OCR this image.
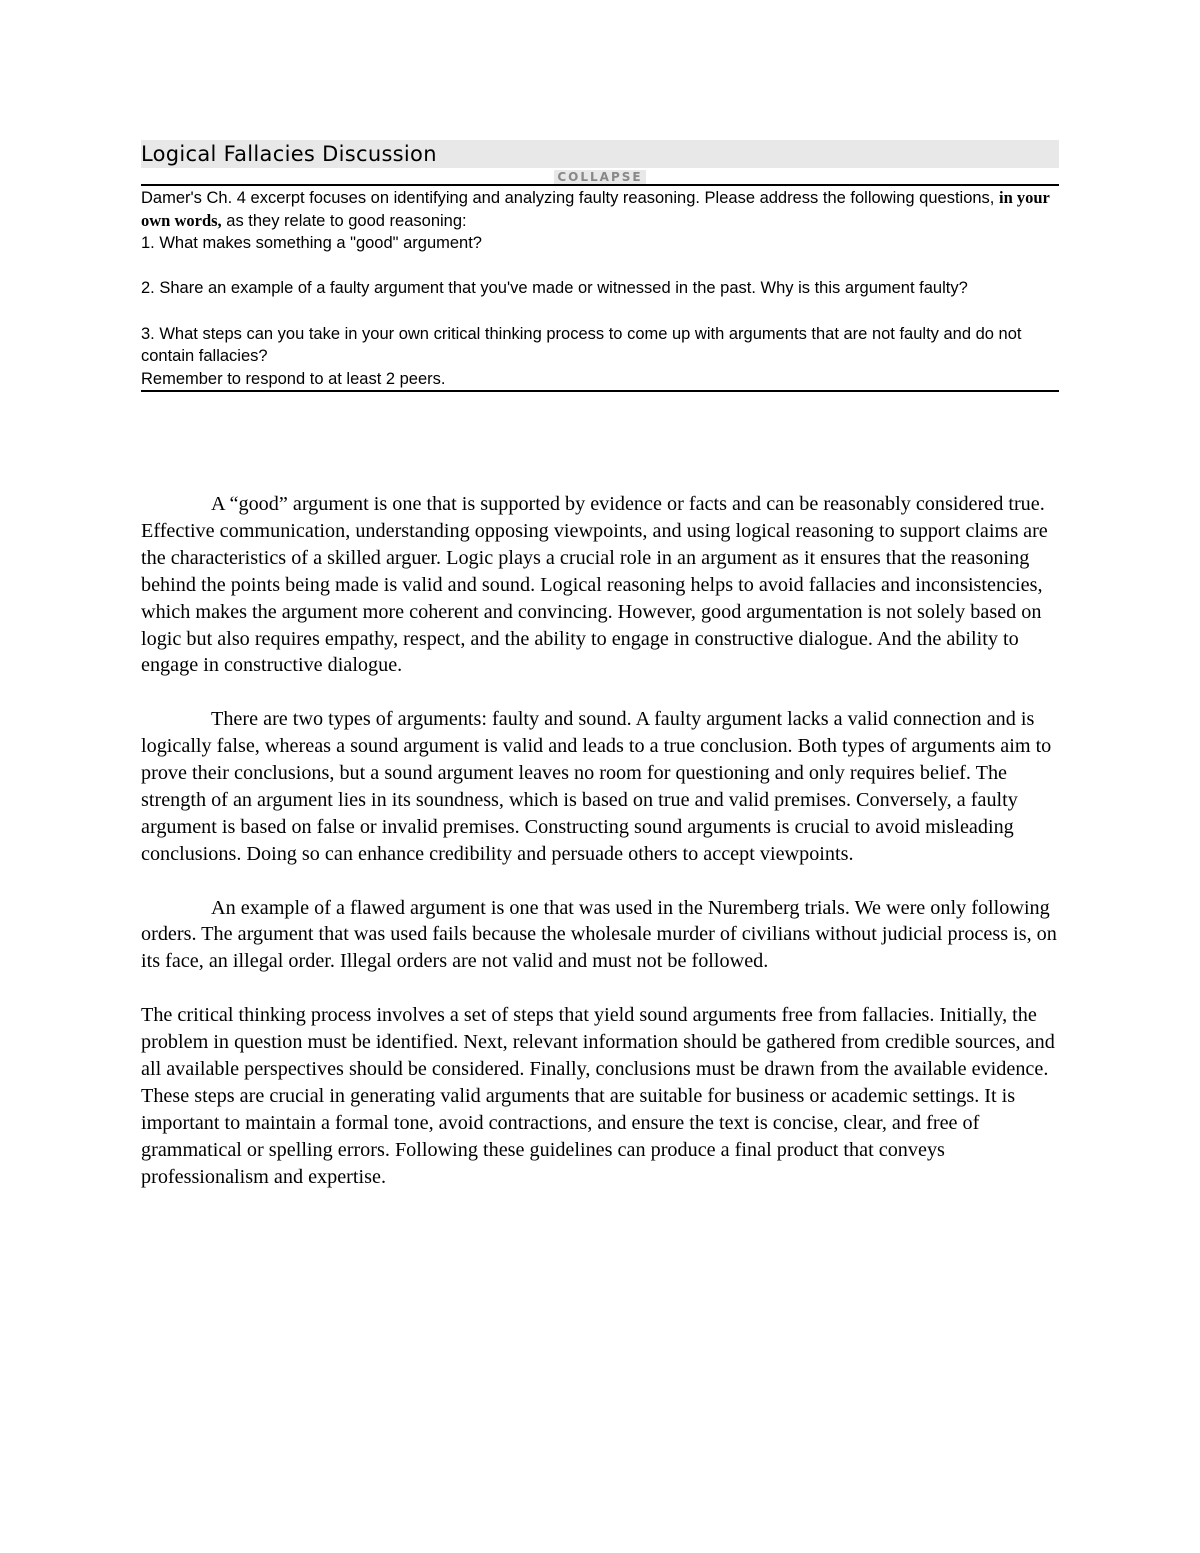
Logical Fallacies Discussion
COLLAPSE

Damer's Ch. 4 excerpt focuses on identifying and analyzing faulty reasoning. Please address the following questions, in your own words, as they relate to good reasoning:

1. What makes something a "good" argument?

2. Share an example of a faulty argument that you've made or witnessed in the past. Why is this argument faulty?

3. What steps can you take in your own critical thinking process to come up with arguments that are not faulty and do not contain fallacies?

Remember to respond to at least 2 peers.

A “good” argument is one that is supported by evidence or facts and can be reasonably considered true. Effective communication, understanding opposing viewpoints, and using logical reasoning to support claims are the characteristics of a skilled arguer. Logic plays a crucial role in an argument as it ensures that the reasoning behind the points being made is valid and sound. Logical reasoning helps to avoid fallacies and inconsistencies, which makes the argument more coherent and convincing. However, good argumentation is not solely based on logic but also requires empathy, respect, and the ability to engage in constructive dialogue. And the ability to engage in constructive dialogue.

There are two types of arguments: faulty and sound. A faulty argument lacks a valid connection and is logically false, whereas a sound argument is valid and leads to a true conclusion. Both types of arguments aim to prove their conclusions, but a sound argument leaves no room for questioning and only requires belief. The strength of an argument lies in its soundness, which is based on true and valid premises. Conversely, a faulty argument is based on false or invalid premises. Constructing sound arguments is crucial to avoid misleading conclusions. Doing so can enhance credibility and persuade others to accept viewpoints.

An example of a flawed argument is one that was used in the Nuremberg trials. We were only following orders. The argument that was used fails because the wholesale murder of civilians without judicial process is, on its face, an illegal order. Illegal orders are not valid and must not be followed.

The critical thinking process involves a set of steps that yield sound arguments free from fallacies. Initially, the problem in question must be identified. Next, relevant information should be gathered from credible sources, and all available perspectives should be considered. Finally, conclusions must be drawn from the available evidence. These steps are crucial in generating valid arguments that are suitable for business or academic settings. It is important to maintain a formal tone, avoid contractions, and ensure the text is concise, clear, and free of grammatical or spelling errors. Following these guidelines can produce a final product that conveys professionalism and expertise.
